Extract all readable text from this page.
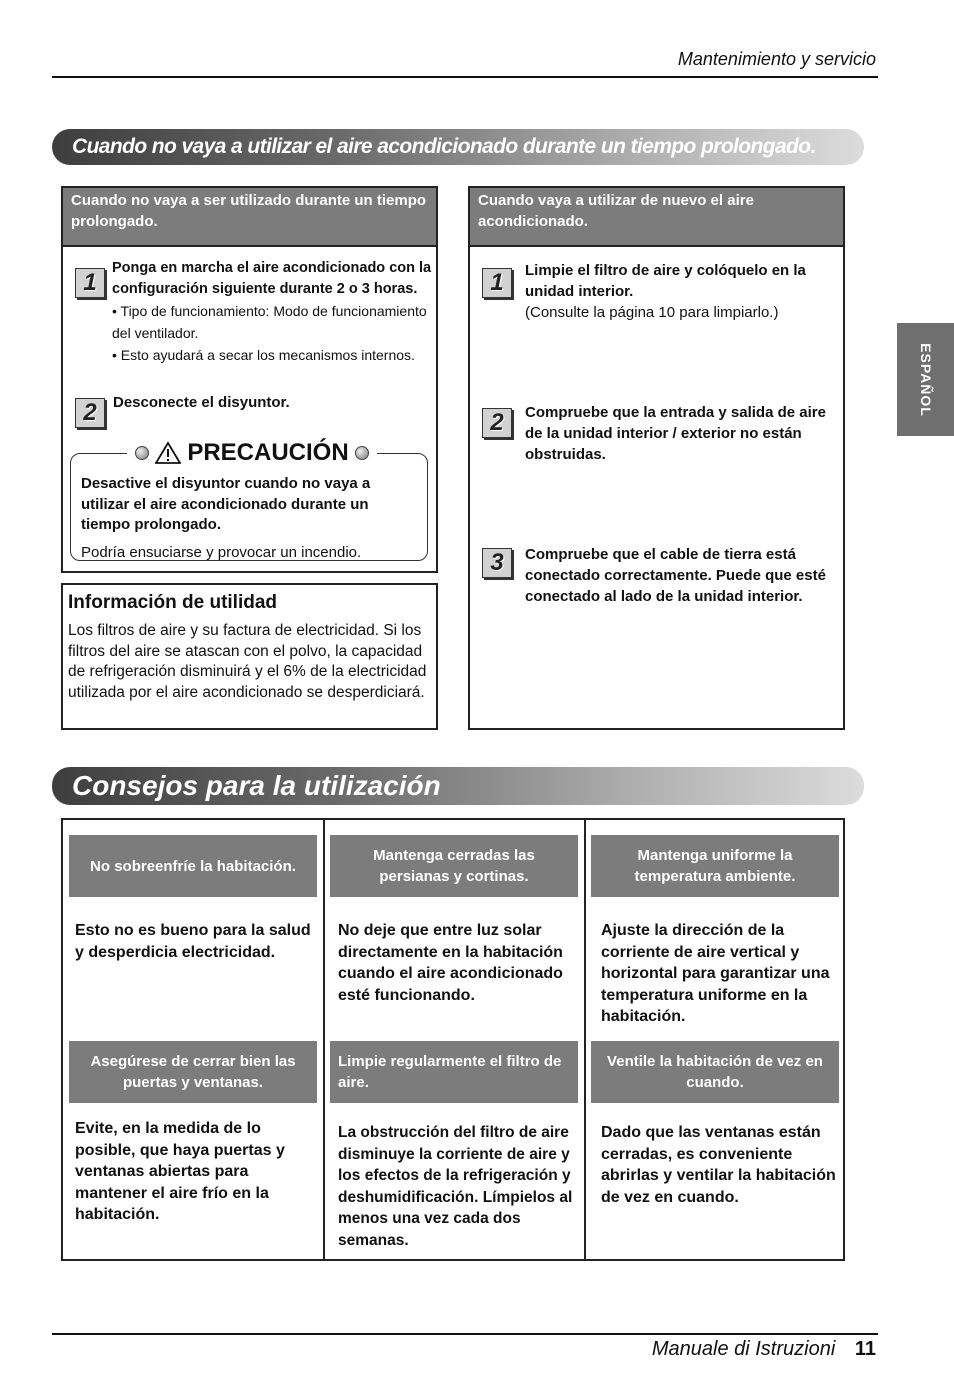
Mantenimiento y servicio
ESPAÑOL
Cuando no vaya a utilizar el aire acondicionado durante un tiempo prolongado.
Cuando no vaya a ser utilizado durante un tiempo prolongado.
1
Ponga en marcha el aire acondicionado con la configuración siguiente durante 2 o 3 horas.
• Tipo de funcionamiento: Modo de funcionamiento del ventilador.
• Esto ayudará a secar los mecanismos internos.
2	Desconecte el disyuntor.
Desactive el disyuntor cuando no vaya a utilizar el aire acondicionado durante un tiempo prolongado.
Podría ensuciarse y provocar un incendio.
PRECAUCIÓN
Información de utilidad
Los filtros de aire y su factura de electricidad. Si los filtros del aire se atascan con el polvo, la capacidad de refrigeración disminuirá y el 6% de la electricidad utilizada por el aire acondicionado se desperdiciará.
Cuando vaya a utilizar de nuevo el aire acondicionado.
1	Limpie el filtro de aire y colóquelo en la unidad interior.
(Consulte la página 10 para limpiarlo.)
2	Compruebe que la entrada y salida de aire de la unidad interior / exterior no están obstruidas.
3	Compruebe que el cable de tierra está conectado correctamente. Puede que esté conectado al lado de la unidad interior.
Consejos para la utilización
No sobreenfríe la habitación.
Esto no es bueno para la salud y desperdicia electricidad.
Mantenga cerradas las persianas y cortinas.
No deje que entre luz solar directamente en la habitación cuando el aire acondicionado esté funcionando.
Mantenga uniforme la temperatura ambiente.
Ajuste la dirección de la corriente de aire vertical y horizontal para garantizar una temperatura uniforme en la habitación.
Asegúrese de cerrar bien las puertas y ventanas.
Evite, en la medida de lo posible, que haya puertas y ventanas abiertas para mantener el aire frío en la habitación.
Limpie regularmente el filtro de aire.
La obstrucción del filtro de aire disminuye la corriente de aire y los efectos de la refrigeración y deshumidificación. Límpielos al menos una vez cada dos semanas.
Ventile la habitación de vez en cuando.
Dado que las ventanas están cerradas, es conveniente abrirlas y ventilar la habitación de vez en cuando.
Manuale di Istruzioni 11
